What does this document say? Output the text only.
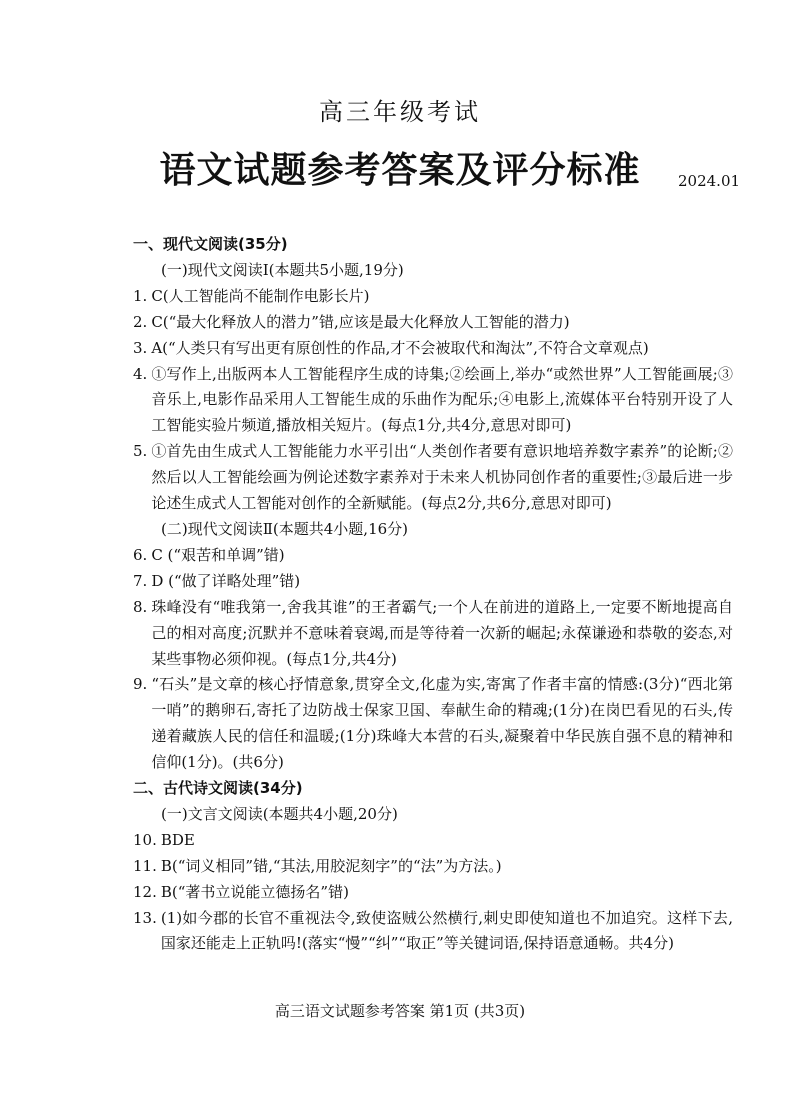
高三年级考试
语文试题参考答案及评分标准	2024.01
一、现代文阅读(35分)
(一)现代文阅读Ⅰ(本题共5小题,19分)
1. C(人工智能尚不能制作电影长片)
2. C(“最大化释放人的潜力”错,应该是最大化释放人工智能的潜力)
3. A(“人类只有写出更有原创性的作品,才不会被取代和淘汰”,不符合文章观点)
4. ①写作上,出版两本人工智能程序生成的诗集;②绘画上,举办“或然世界”人工智能画展;③音乐上,电影作品采用人工智能生成的乐曲作为配乐;④电影上,流媒体平台特别开设了人工智能实验片频道,播放相关短片。(每点1分,共4分,意思对即可)
5. ①首先由生成式人工智能能力水平引出“人类创作者要有意识地培养数字素养”的论断;②然后以人工智能绘画为例论述数字素养对于未来人机协同创作者的重要性;③最后进一步论述生成式人工智能对创作的全新赋能。(每点2分,共6分,意思对即可)
(二)现代文阅读Ⅱ(本题共4小题,16分)
6. C (“艰苦和单调”错)
7. D (“做了详略处理”错)
8. 珠峰没有“唯我第一,舍我其谁”的王者霸气;一个人在前进的道路上,一定要不断地提高自己的相对高度;沉默并不意味着衰竭,而是等待着一次新的崛起;永葆谦逊和恭敬的姿态,对某些事物必须仰视。(每点1分,共4分)
9. “石头”是文章的核心抒情意象,贯穿全文,化虚为实,寄寓了作者丰富的情感:(3分)“西北第一哨”的鹅卵石,寄托了边防战士保家卫国、奉献生命的精魂;(1分)在岗巴看见的石头,传递着藏族人民的信任和温暖;(1分)珠峰大本营的石头,凝聚着中华民族自强不息的精神和信仰(1分)。(共6分)
二、古代诗文阅读(34分)
(一)文言文阅读(本题共4小题,20分)
10. BDE
11. B(“词义相同”错,“其法,用胶泥刻字”的“法”为方法。)
12. B(“著书立说能立德扬名”错)
13. (1)如今郡的长官不重视法令,致使盗贼公然横行,刺史即使知道也不加追究。这样下去,国家还能走上正轨吗!(落实“慢”“纠”“取正”等关键词语,保持语意通畅。共4分)
高三语文试题参考答案 第1页 (共3页)
